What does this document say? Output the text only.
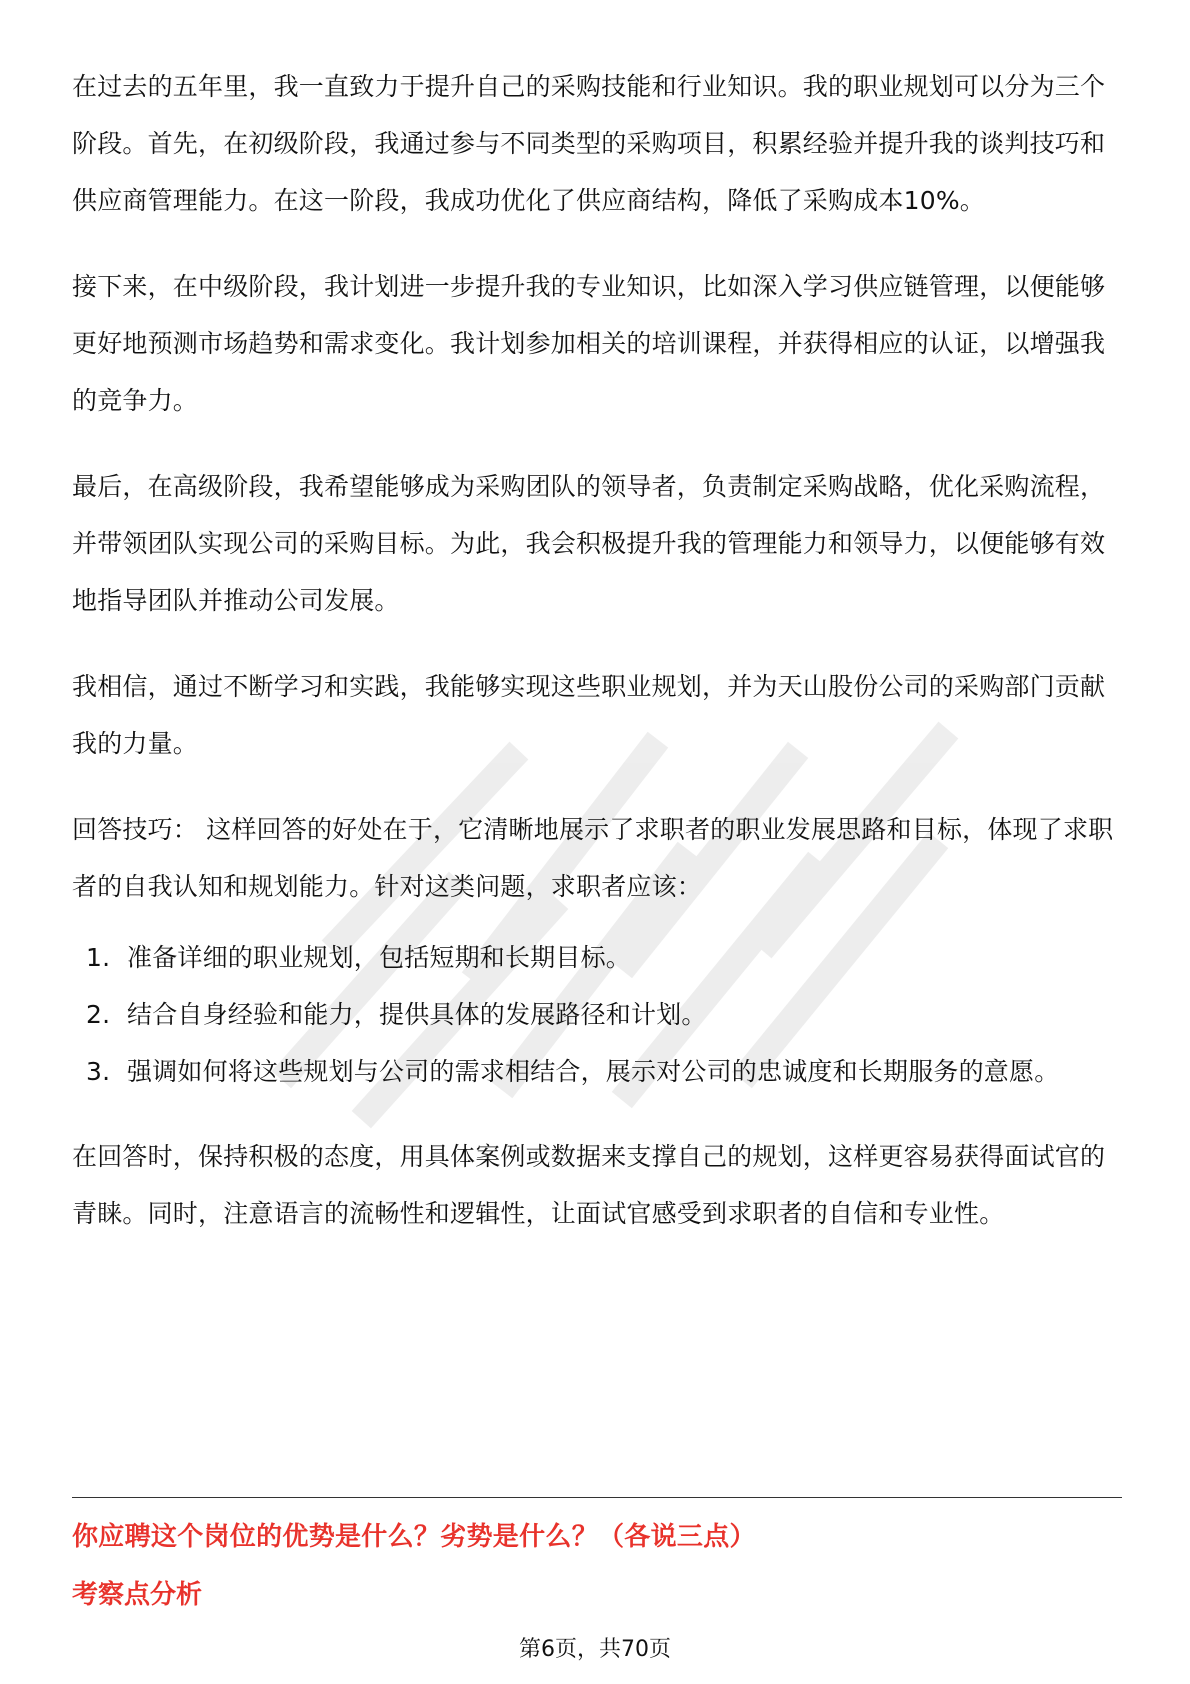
在过去的五年里，我一直致力于提升自己的采购技能和行业知识。我的职业规划可以分为三个阶段。首先，在初级阶段，我通过参与不同类型的采购项目，积累经验并提升我的谈判技巧和供应商管理能力。在这一阶段，我成功优化了供应商结构，降低了采购成本10%。

接下来，在中级阶段，我计划进一步提升我的专业知识，比如深入学习供应链管理，以便能够更好地预测市场趋势和需求变化。我计划参加相关的培训课程，并获得相应的认证，以增强我的竞争力。

最后，在高级阶段，我希望能够成为采购团队的领导者，负责制定采购战略，优化采购流程，并带领团队实现公司的采购目标。为此，我会积极提升我的管理能力和领导力，以便能够有效地指导团队并推动公司发展。

我相信，通过不断学习和实践，我能够实现这些职业规划，并为天山股份公司的采购部门贡献我的力量。

回答技巧： 这样回答的好处在于，它清晰地展示了求职者的职业发展思路和目标，体现了求职者的自我认知和规划能力。针对这类问题，求职者应该：

1. 准备详细的职业规划，包括短期和长期目标。
2. 结合自身经验和能力，提供具体的发展路径和计划。
3. 强调如何将这些规划与公司的需求相结合，展示对公司的忠诚度和长期服务的意愿。

在回答时，保持积极的态度，用具体案例或数据来支撑自己的规划，这样更容易获得面试官的青睐。同时，注意语言的流畅性和逻辑性，让面试官感受到求职者的自信和专业性。

你应聘这个岗位的优势是什么？劣势是什么？（各说三点）
考察点分析
第6页，共70页
